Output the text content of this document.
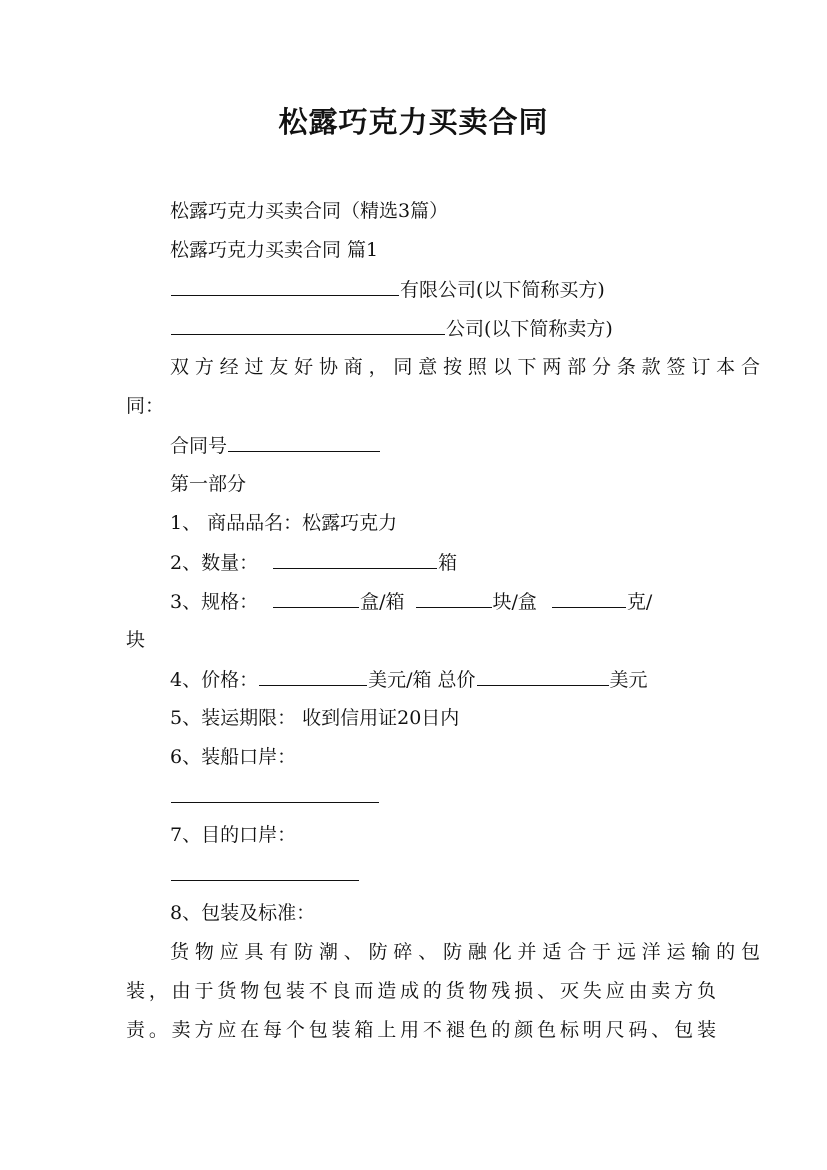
松露巧克力买卖合同
松露巧克力买卖合同（精选3篇）
松露巧克力买卖合同 篇1
有限公司(以下简称买方)
公司(以下简称卖方)
双方经过友好协商，同意按照以下两部分条款签订本合
同：
合同号
第一部分
1、 商品品名：松露巧克力
2、数量：	箱
3、规格：	盒/箱	块/盒	克/
块
4、价格：	美元/箱 总价	美元
5、装运期限： 收到信用证20日内
6、装船口岸：
7、目的口岸：
8、包装及标准：
货物应具有防潮、防碎、防融化并适合于远洋运输的包
装，由于货物包装不良而造成的货物残损、灭失应由卖方负
责。卖方应在每个包装箱上用不褪色的颜色标明尺码、包装
